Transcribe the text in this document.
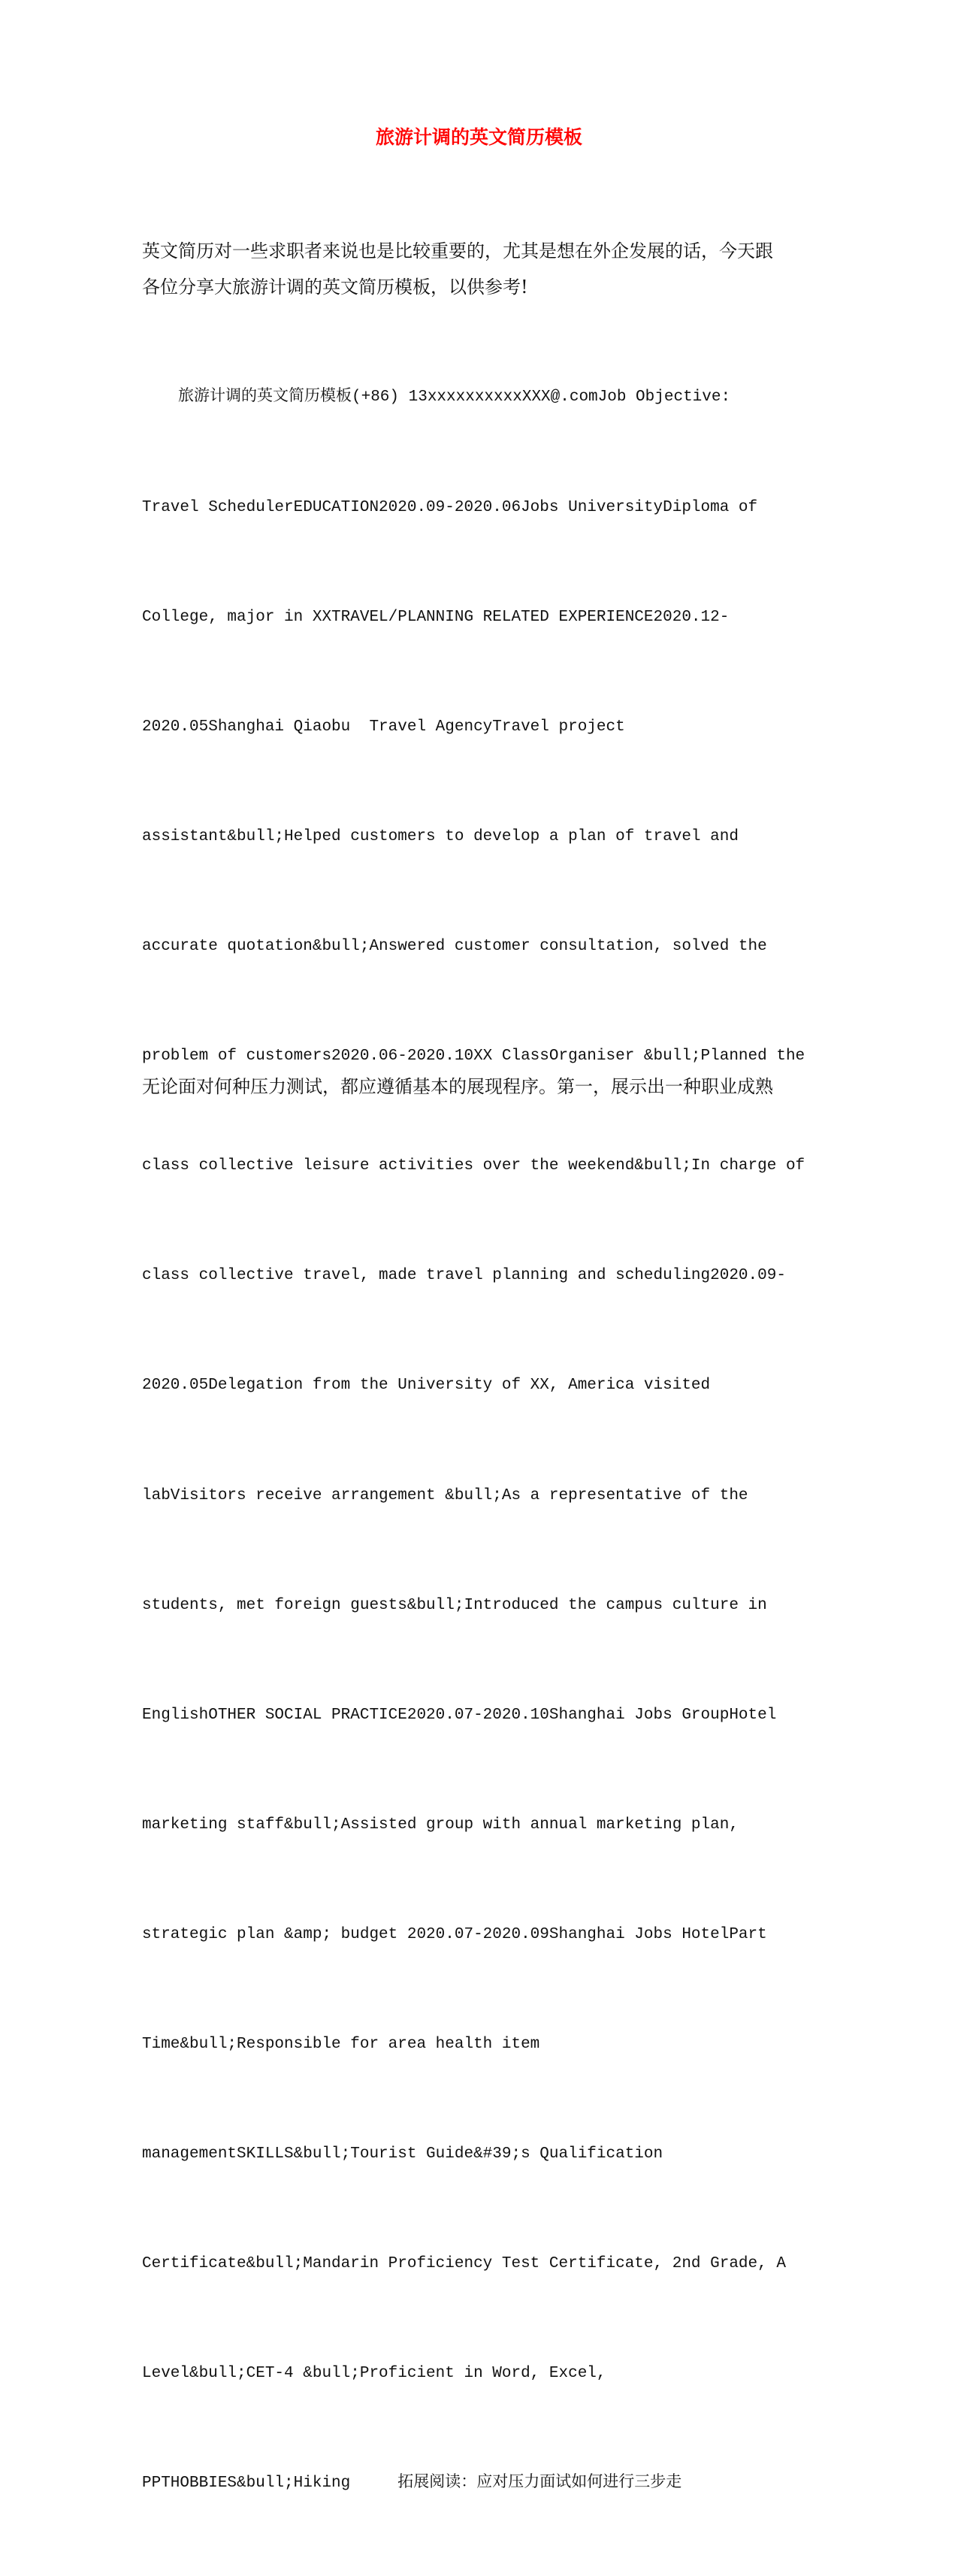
旅游计调的英文简历模板
英文简历对一些求职者来说也是比较重要的，尤其是想在外企发展的话，今天跟
各位分享大旅游计调的英文简历模板，以供参考!

旅游计调的英文简历模板(+86) 13xxxxxxxxxxXXX@.comJob Objective:

Travel SchedulerEDUCATION2020.09-2020.06Jobs UniversityDiploma of

College, major in XXTRAVEL/PLANNING RELATED EXPERIENCE2020.12-

2020.05Shanghai Qiaobu  Travel AgencyTravel project

assistant&bull;Helped customers to develop a plan of travel and

accurate quotation&bull;Answered customer consultation, solved the

problem of customers2020.06-2020.10XX ClassOrganiser &bull;Planned the

class collective leisure activities over the weekend&bull;In charge of

class collective travel, made travel planning and scheduling2020.09-

2020.05Delegation from the University of XX, America visited

labVisitors receive arrangement &bull;As a representative of the

students, met foreign guests&bull;Introduced the campus culture in

EnglishOTHER SOCIAL PRACTICE2020.07-2020.10Shanghai Jobs GroupHotel

marketing staff&bull;Assisted group with annual marketing plan,

strategic plan &amp; budget 2020.07-2020.09Shanghai Jobs HotelPart

Time&bull;Responsible for area health item

managementSKILLS&bull;Tourist Guide&#39;s Qualification

Certificate&bull;Mandarin Proficiency Test Certificate, 2nd Grade, A

Level&bull;CET-4 &bull;Proficient in Word, Excel,

PPTHOBBIES&bull;Hiking     拓展阅读：应对压力面试如何进行三步走

无论面对何种压力测试，都应遵循基本的展现程序。第一，展示出一种职业成熟
